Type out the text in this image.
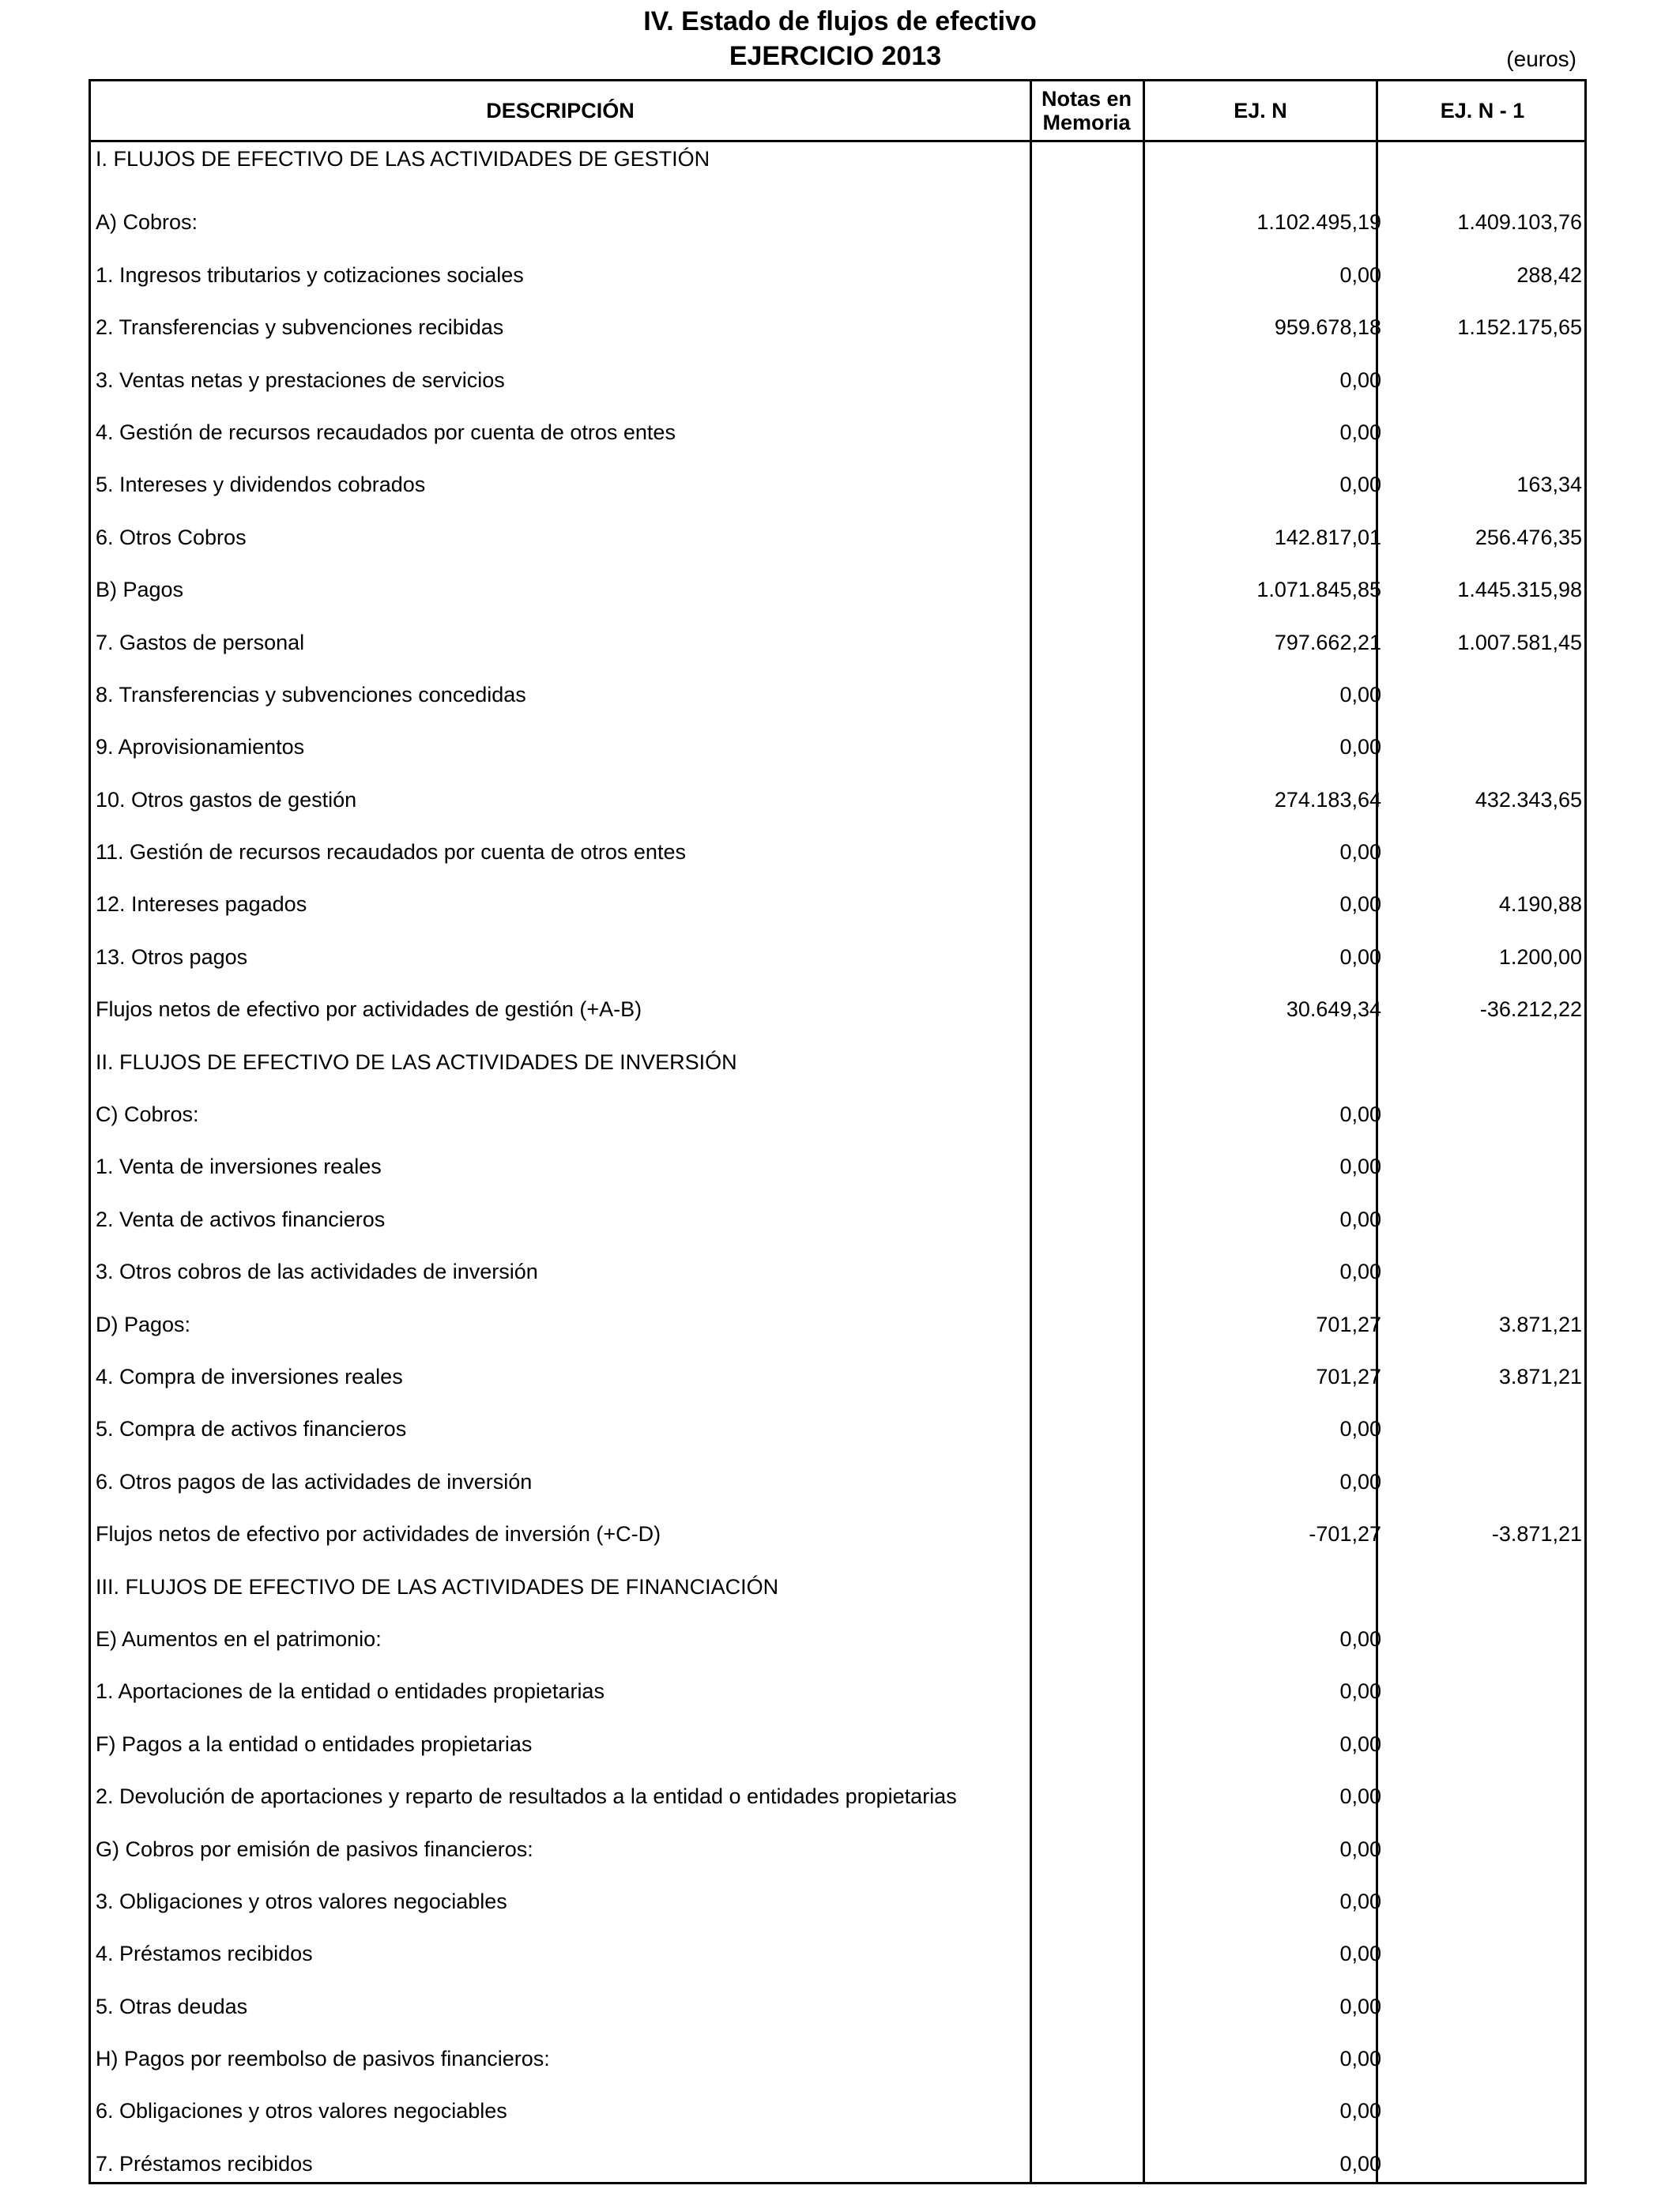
IV. Estado de flujos de efectivo
EJERCICIO 2013	(euros)
DESCRIPCIÓN	Notas en Memoria	EJ. N	EJ. N - 1
I. FLUJOS DE EFECTIVO DE LAS ACTIVIDADES DE GESTIÓN
A) Cobros:	1.102.495,19	1.409.103,76
1. Ingresos tributarios y cotizaciones sociales	0,00	288,42
2. Transferencias y subvenciones recibidas	959.678,18	1.152.175,65
3. Ventas netas y prestaciones de servicios	0,00
4. Gestión de recursos recaudados por cuenta de otros entes	0,00
5. Intereses y dividendos cobrados	0,00	163,34
6. Otros Cobros	142.817,01	256.476,35
B) Pagos	1.071.845,85	1.445.315,98
7. Gastos de personal	797.662,21	1.007.581,45
8. Transferencias y subvenciones concedidas	0,00
9. Aprovisionamientos	0,00
10. Otros gastos de gestión	274.183,64	432.343,65
11. Gestión de recursos recaudados por cuenta de otros entes	0,00
12. Intereses pagados	0,00	4.190,88
13. Otros pagos	0,00	1.200,00
Flujos netos de efectivo por actividades de gestión (+A-B)	30.649,34	-36.212,22
II. FLUJOS DE EFECTIVO DE LAS ACTIVIDADES DE INVERSIÓN
C) Cobros:	0,00
1. Venta de inversiones reales	0,00
2. Venta de activos financieros	0,00
3. Otros cobros de las actividades de inversión	0,00
D) Pagos:	701,27	3.871,21
4. Compra de inversiones reales	701,27	3.871,21
5. Compra de activos financieros	0,00
6. Otros pagos de las actividades de inversión	0,00
Flujos netos de efectivo por actividades de inversión (+C-D)	-701,27	-3.871,21
III. FLUJOS DE EFECTIVO DE LAS ACTIVIDADES DE FINANCIACIÓN
E) Aumentos en el patrimonio:	0,00
1. Aportaciones de la entidad o entidades propietarias	0,00
F) Pagos a la entidad o entidades propietarias	0,00
2. Devolución de aportaciones y reparto de resultados a la entidad o entidades propietarias	0,00
G) Cobros por emisión de pasivos financieros:	0,00
3. Obligaciones y otros valores negociables	0,00
4. Préstamos recibidos	0,00
5. Otras deudas	0,00
H) Pagos por reembolso de pasivos financieros:	0,00
6. Obligaciones y otros valores negociables	0,00
7. Préstamos recibidos	0,00
